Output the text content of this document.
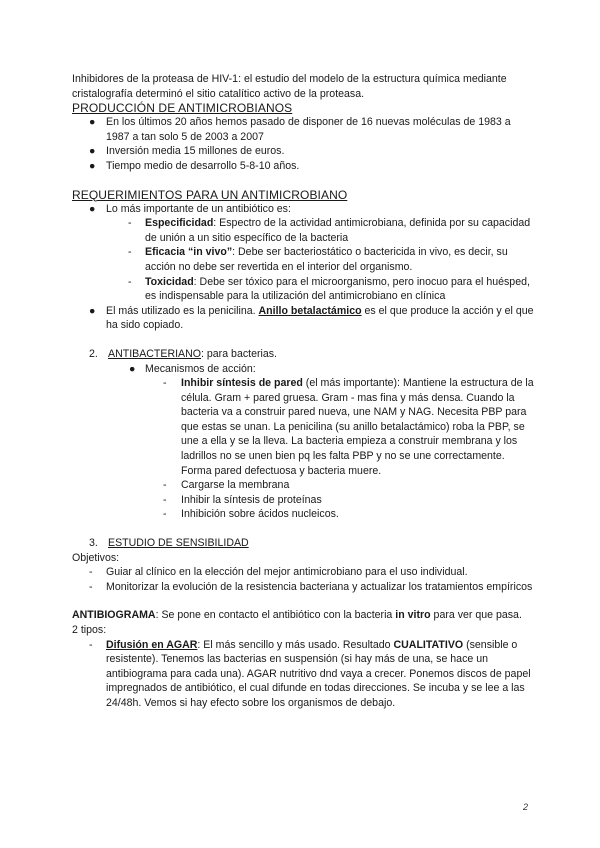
Inhibidores de la proteasa de HIV-1: el estudio del modelo de la estructura química mediante cristalografía determinó el sitio catalítico activo de la proteasa.

PRODUCCIÓN DE ANTIMICROBIANOS

● En los últimos 20 años hemos pasado de disponer de 16 nuevas moléculas de 1983 a 1987 a tan solo 5 de 2003 a 2007
● Inversión media 15 millones de euros.
● Tiempo medio de desarrollo 5-8-10 años.

REQUERIMIENTOS PARA UN ANTIMICROBIANO

● Lo más importante de un antibiótico es:
- Especificidad: Espectro de la actividad antimicrobiana, definida por su capacidad de unión a un sitio específico de la bacteria
- Eficacia “in vivo”: Debe ser bacteriostático o bactericida in vivo, es decir, su acción no debe ser revertida en el interior del organismo.
- Toxicidad: Debe ser tóxico para el microorganismo, pero inocuo para el huésped, es indispensable para la utilización del antimicrobiano en clínica
● El más utilizado es la penicilina. Anillo betalactámico es el que produce la acción y el que ha sido copiado.
2. ANTIBACTERIANO: para bacterias.
● Mecanismos de acción:
- Inhibir síntesis de pared (el más importante): Mantiene la estructura de la célula. Gram + pared gruesa. Gram - mas fina y más densa. Cuando la bacteria va a construir pared nueva, une NAM y NAG. Necesita PBP para que estas se unan. La penicilina (su anillo betalactámico) roba la PBP, se une a ella y se la lleva. La bacteria empieza a construir membrana y los ladrillos no se unen bien pq les falta PBP y no se une correctamente. Forma pared defectuosa y bacteria muere.
- Cargarse la membrana
- Inhibir la síntesis de proteínas
- Inhibición sobre ácidos nucleicos.
3. ESTUDIO DE SENSIBILIDAD

Objetivos:

- Guiar al clínico en la elección del mejor antimicrobiano para el uso individual.
- Monitorizar la evolución de la resistencia bacteriana y actualizar los tratamientos empíricos

ANTIBIOGRAMA: Se pone en contacto el antibiótico con la bacteria in vitro para ver que pasa.

2 tipos:

- Difusión en AGAR: El más sencillo y más usado. Resultado CUALITATIVO (sensible o resistente). Tenemos las bacterias en suspensión (si hay más de una, se hace un antibiograma para cada una). AGAR nutritivo dnd vaya a crecer. Ponemos discos de papel impregnados de antibiótico, el cual difunde en todas direcciones. Se incuba y se lee a las 24/48h. Vemos si hay efecto sobre los organismos de debajo.
2
